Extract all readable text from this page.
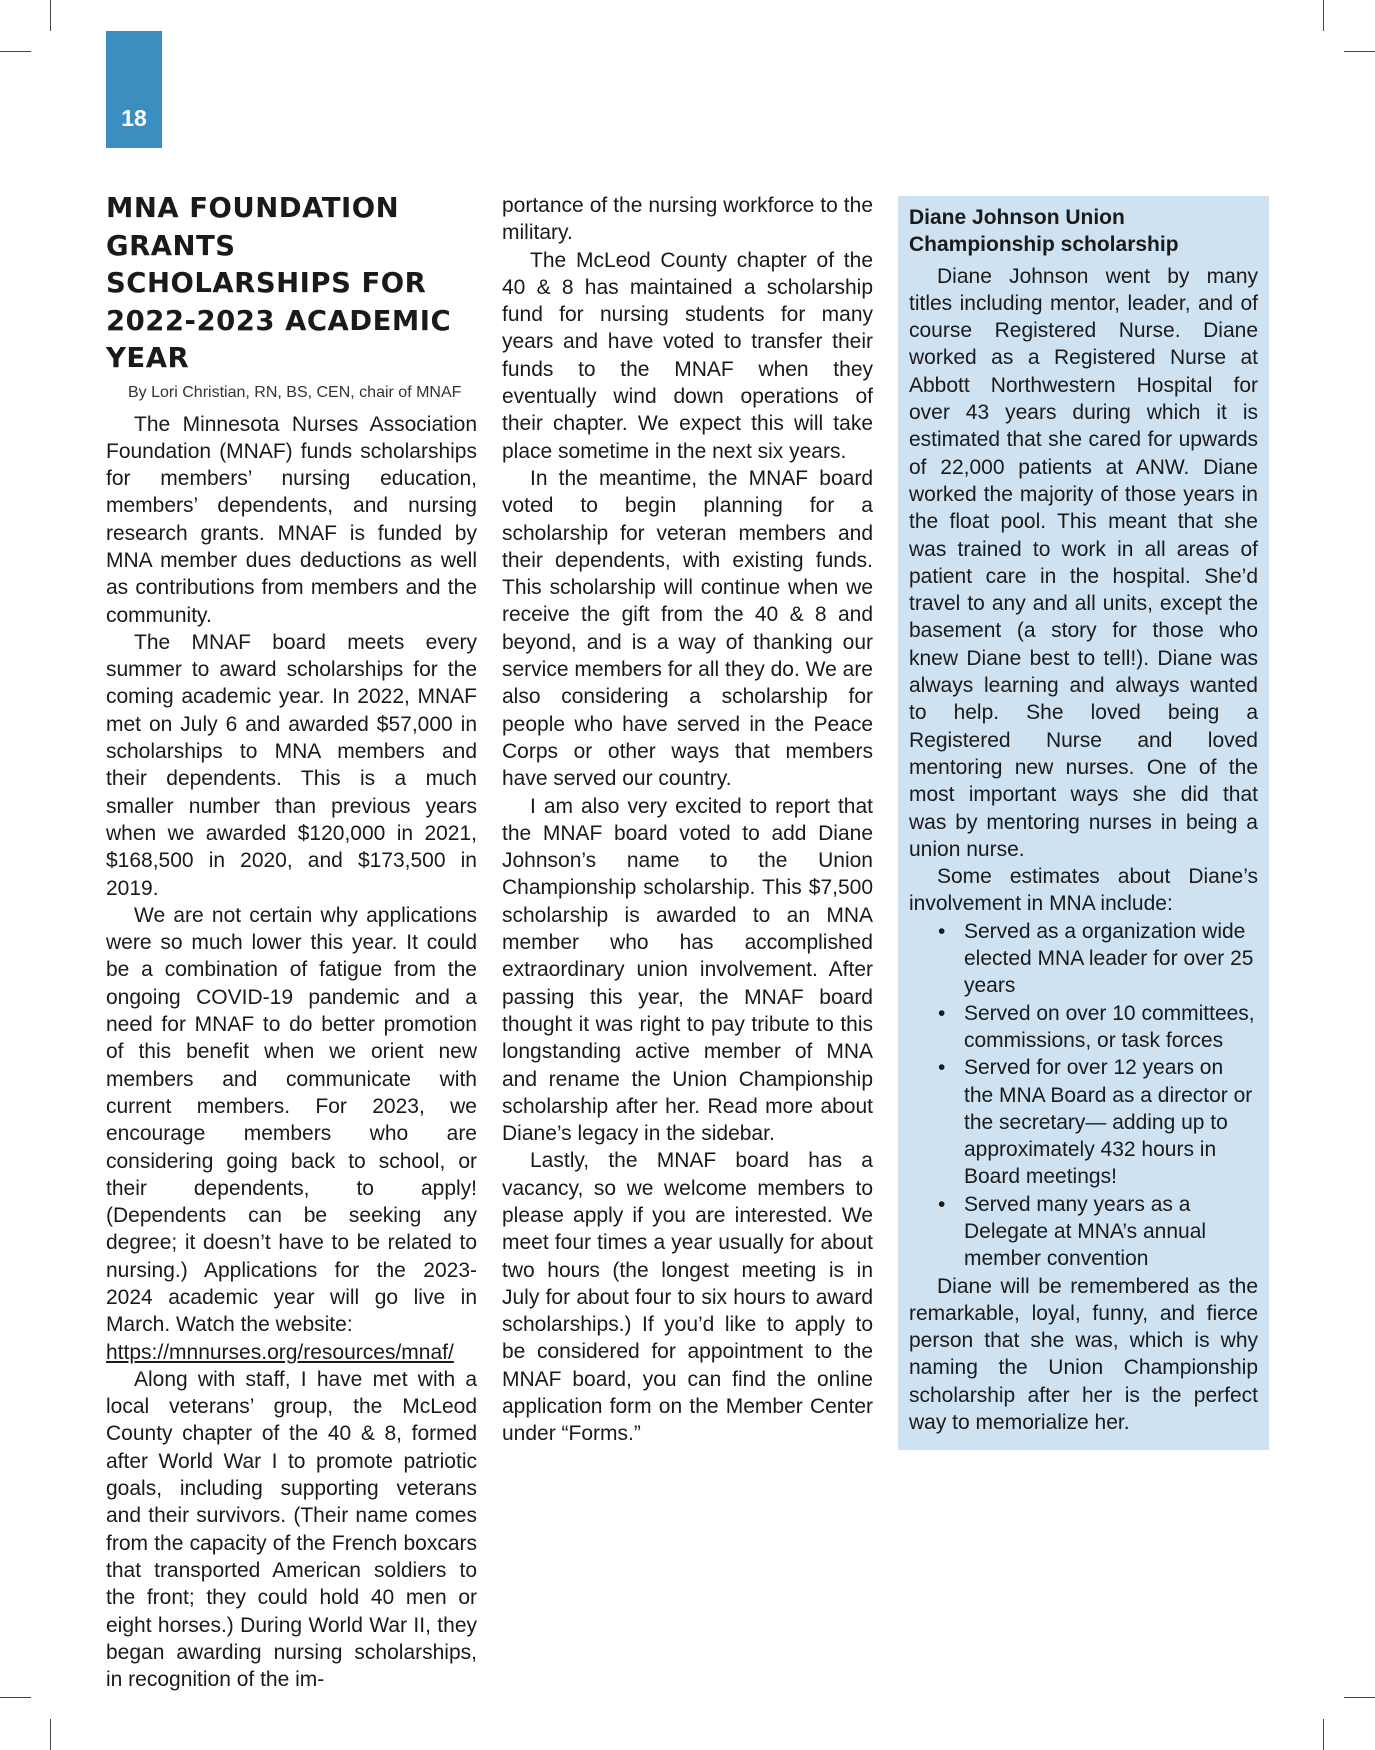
18
MNA FOUNDATION GRANTS SCHOLARSHIPS FOR 2022-2023 ACADEMIC YEAR
By Lori Christian, RN, BS, CEN, chair of MNAF

The Minnesota Nurses Association Foundation (MNAF) funds scholarships for members’ nursing education, members’ dependents, and nursing research grants. MNAF is funded by MNA member dues deductions as well as contributions from members and the community.

The MNAF board meets every summer to award scholarships for the coming academic year. In 2022, MNAF met on July 6 and awarded $57,000 in scholarships to MNA members and their dependents. This is a much smaller number than previous years when we awarded $120,000 in 2021, $168,500 in 2020, and $173,500 in 2019.

We are not certain why applications were so much lower this year. It could be a combination of fatigue from the ongoing COVID-19 pandemic and a need for MNAF to do better promotion of this benefit when we orient new members and communicate with current members. For 2023, we encourage members who are considering going back to school, or their dependents, to apply! (Dependents can be seeking any degree; it doesn’t have to be related to nursing.) Applications for the 2023-2024 academic year will go live in March. Watch the website:

https://mnnurses.org/resources/mnaf/

Along with staff, I have met with a local veterans’ group, the McLeod County chapter of the 40 & 8, formed after World War I to promote patriotic goals, including supporting veterans and their survivors. (Their name comes from the capacity of the French boxcars that transported American soldiers to the front; they could hold 40 men or eight horses.) During World War II, they began awarding nursing scholarships, in recognition of the im-

portance of the nursing workforce to the military.

The McLeod County chapter of the 40 & 8 has maintained a scholarship fund for nursing students for many years and have voted to transfer their funds to the MNAF when they eventually wind down operations of their chapter. We expect this will take place sometime in the next six years.

In the meantime, the MNAF board voted to begin planning for a scholarship for veteran members and their dependents, with existing funds. This scholarship will continue when we receive the gift from the 40 & 8 and beyond, and is a way of thanking our service members for all they do. We are also considering a scholarship for people who have served in the Peace Corps or other ways that members have served our country.

I am also very excited to report that the MNAF board voted to add Diane Johnson’s name to the Union Championship scholarship. This $7,500 scholarship is awarded to an MNA member who has accomplished extraordinary union involvement. After passing this year, the MNAF board thought it was right to pay tribute to this longstanding active member of MNA and rename the Union Championship scholarship after her. Read more about Diane’s legacy in the sidebar.

Lastly, the MNAF board has a vacancy, so we welcome members to please apply if you are interested. We meet four times a year usually for about two hours (the longest meeting is in July for about four to six hours to award scholarships.) If you’d like to apply to be considered for appointment to the MNAF board, you can find the online application form on the Member Center under “Forms.”

Diane Johnson Union Championship scholarship

Diane Johnson went by many titles including mentor, leader, and of course Registered Nurse. Diane worked as a Registered Nurse at Abbott Northwestern Hospital for over 43 years during which it is estimated that she cared for upwards of 22,000 patients at ANW. Diane worked the majority of those years in the float pool. This meant that she was trained to work in all areas of patient care in the hospital. She’d travel to any and all units, except the basement (a story for those who knew Diane best to tell!). Diane was always learning and always wanted to help. She loved being a Registered Nurse and loved mentoring new nurses. One of the most important ways she did that was by mentoring nurses in being a union nurse.

Some estimates about Diane’s involvement in MNA include:

• Served as a organization wide elected MNA leader for over 25 years
• Served on over 10 committees, commissions, or task forces
• Served for over 12 years on the MNA Board as a director or the secretary— adding up to approximately 432 hours in Board meetings!
• Served many years as a Delegate at MNA’s annual member convention

Diane will be remembered as the remarkable, loyal, funny, and fierce person that she was, which is why naming the Union Championship scholarship after her is the perfect way to memorialize her.
